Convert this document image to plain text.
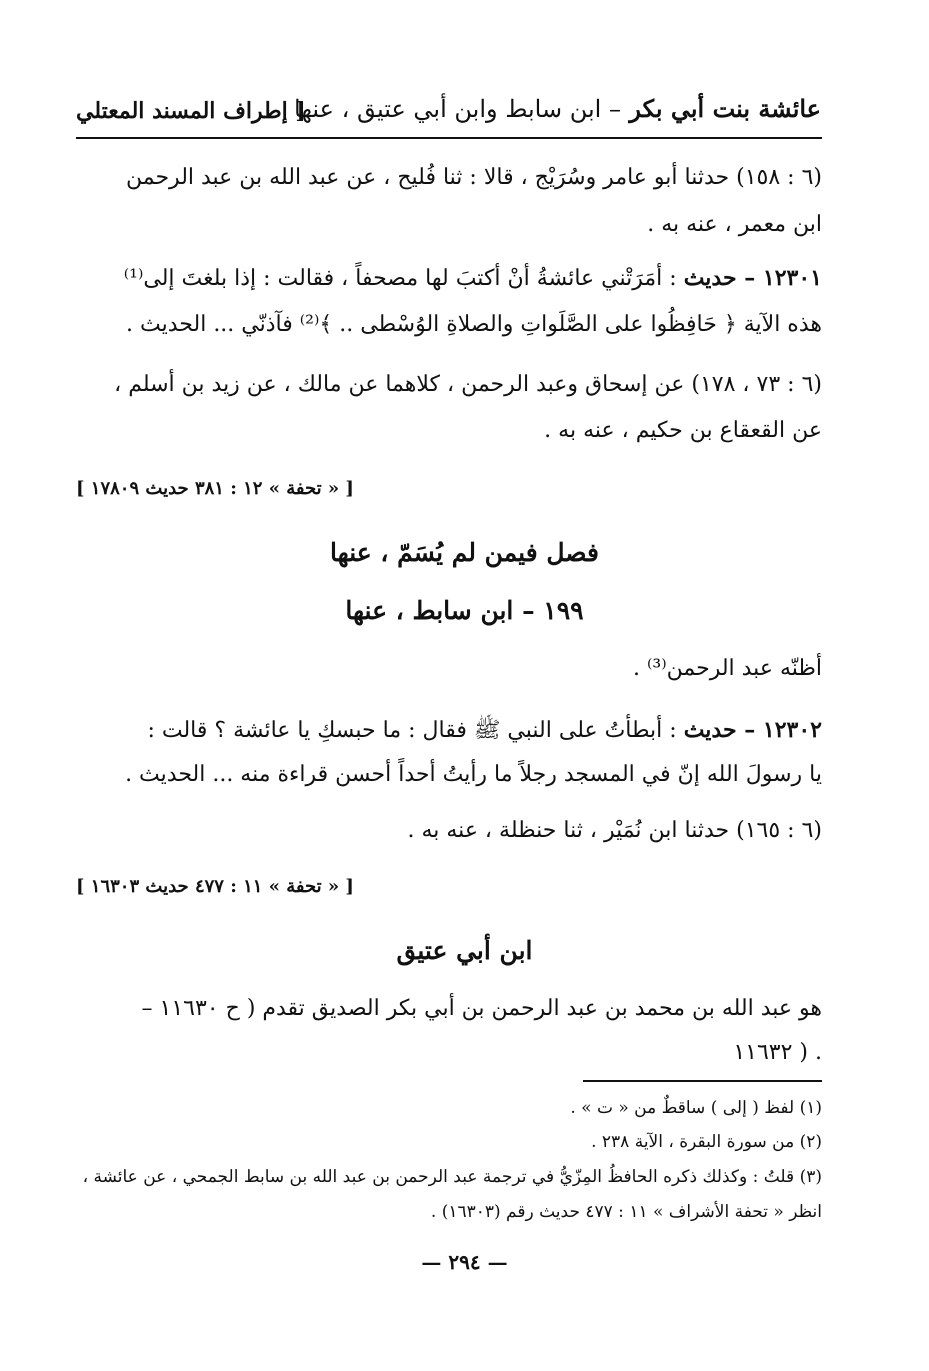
عائشة بنت أبي بكر – ابن سابط وابن أبي عتيق ، عنها
[ إطراف المسند المعتلي
(٦ : ١٥٨) حدثنا أبو عامر وسُرَيْج ، قالا : ثنا فُليح ، عن عبد الله بن عبد الرحمن
ابن معمر ، عنه به .
١٢٣٠١ – حديث : أمَرَتْني عائشةُ أنْ أكتبَ لها مصحفاً ، فقالت : إذا بلغتَ إلى⁽¹⁾
هذه الآية ﴿ حَافِظُوا على الصَّلَواتِ والصلاةِ الوُسْطى .. ﴾⁽²⁾ فآذنّي ... الحديث .
(٦ : ٧٣ ، ١٧٨) عن إسحاق وعبد الرحمن ، كلاهما عن مالك ، عن زيد بن أسلم ،
عن القعقاع بن حكيم ، عنه به .
[ « تحفة » ١٢ : ٣٨١ حديث ١٧٨٠٩ ]
فصل فيمن لم يُسَمّ ، عنها
١٩٩ – ابن سابط ، عنها
أظنّه عبد الرحمن⁽³⁾ .
١٢٣٠٢ – حديث : أبطأتُ على النبي ﷺ فقال : ما حبسكِ يا عائشة ؟ قالت :
يا رسولَ الله إنّ في المسجد رجلاً ما رأيتُ أحداً أحسن قراءة منه ... الحديث .
(٦ : ١٦٥) حدثنا ابن نُمَيْر ، ثنا حنظلة ، عنه به .
[ « تحفة » ١١ : ٤٧٧ حديث ١٦٣٠٣ ]
ابن أبي عتيق
هو عبد الله بن محمد بن عبد الرحمن بن أبي بكر الصديق تقدم ( ح ١١٦٣٠ –
١١٦٣٢ ) .
(١) لفظ ( إلى ) ساقطٌ من « ت » .
(٢) من سورة البقرة ، الآية ٢٣٨ .
(٣) قلتُ : وكذلك ذكره الحافظُ المِزّيُّ في ترجمة عبد الرحمن بن عبد الله بن سابط الجمحي ، عن عائشة ،
انظر « تحفة الأشراف » ١١ : ٤٧٧ حديث رقم (١٦٣٠٣) .
— ٢٩٤ —
